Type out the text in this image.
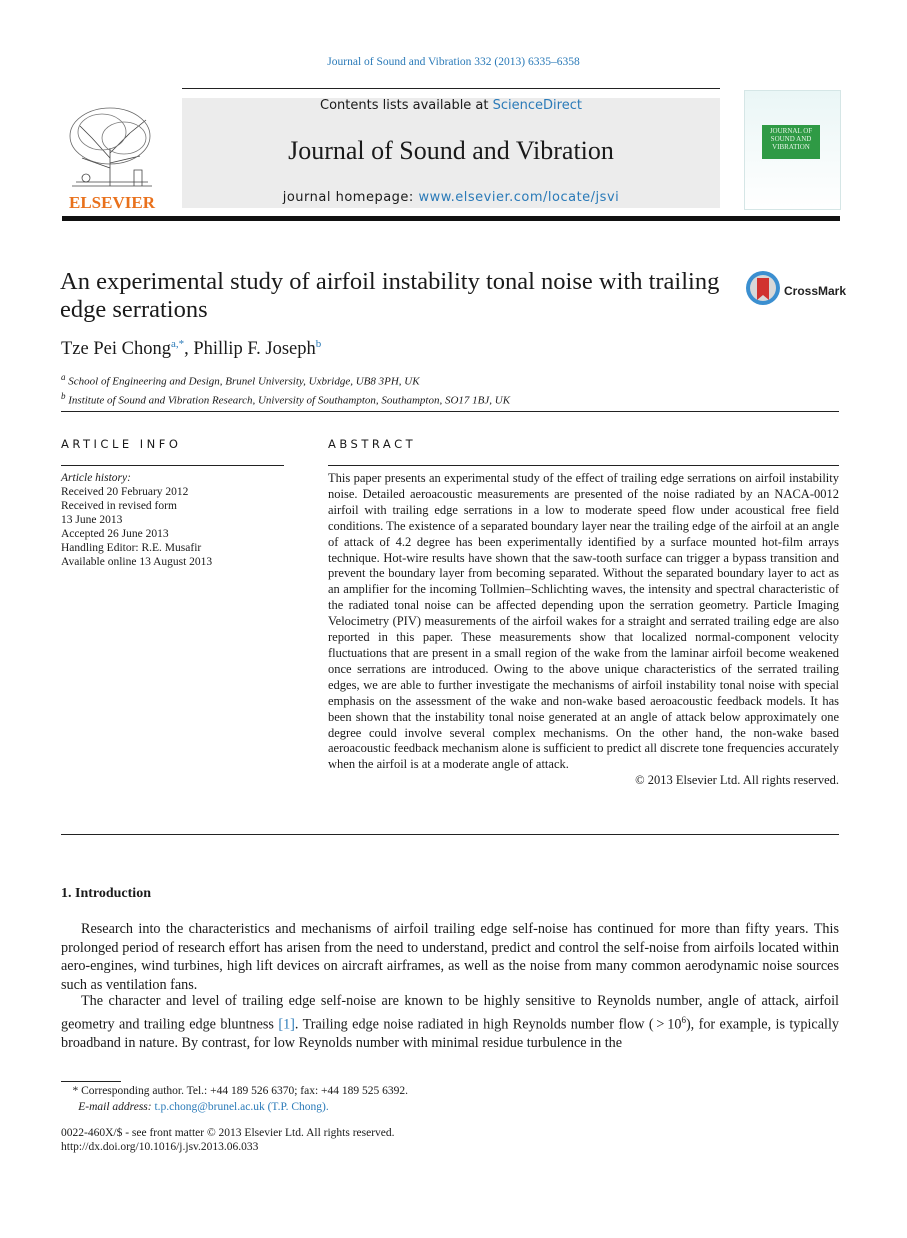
Journal of Sound and Vibration 332 (2013) 6335–6358
ELSEVIER
Contents lists available at ScienceDirect
Journal of Sound and Vibration
journal homepage: www.elsevier.com/locate/jsvi
JOURNAL OF SOUND AND VIBRATION
An experimental study of airfoil instability tonal noise with trailing edge serrations
CrossMark
Tze Pei Chong$^{a,*}$, Phillip F. Joseph$^b$
$^a$ School of Engineering and Design, Brunel University, Uxbridge, UB8 3PH, UK
$^b$ Institute of Sound and Vibration Research, University of Southampton, Southampton, SO17 1BJ, UK
ARTICLE INFO	ABSTRACT
Article history:
Received 20 February 2012
Received in revised form
13 June 2013
Accepted 26 June 2013
Handling Editor: R.E. Musafir
Available online 13 August 2013
This paper presents an experimental study of the effect of trailing edge serrations on airfoil instability noise. Detailed aeroacoustic measurements are presented of the noise radiated by an NACA-0012 airfoil with trailing edge serrations in a low to moderate speed flow under acoustical free field conditions. The existence of a separated boundary layer near the trailing edge of the airfoil at an angle of attack of 4.2 degree has been experimentally identified by a surface mounted hot-film arrays technique. Hot-wire results have shown that the saw-tooth surface can trigger a bypass transition and prevent the boundary layer from becoming separated. Without the separated boundary layer to act as an amplifier for the incoming Tollmien–Schlichting waves, the intensity and spectral characteristic of the radiated tonal noise can be affected depending upon the serration geometry. Particle Imaging Velocimetry (PIV) measurements of the airfoil wakes for a straight and serrated trailing edge are also reported in this paper. These measurements show that localized normal-component velocity fluctuations that are present in a small region of the wake from the laminar airfoil become weakened once serrations are introduced. Owing to the above unique characteristics of the serrated trailing edges, we are able to further investigate the mechanisms of airfoil instability tonal noise with special emphasis on the assessment of the wake and non-wake based aeroacoustic feedback models. It has been shown that the instability tonal noise generated at an angle of attack below approximately one degree could involve several complex mechanisms. On the other hand, the non-wake based aeroacoustic feedback mechanism alone is sufficient to predict all discrete tone frequencies accurately when the airfoil is at a moderate angle of attack.
© 2013 Elsevier Ltd. All rights reserved.
1. Introduction
Research into the characteristics and mechanisms of airfoil trailing edge self-noise has continued for more than fifty years. This prolonged period of research effort has arisen from the need to understand, predict and control the self-noise from airfoils located within aero-engines, wind turbines, high lift devices on aircraft airframes, as well as the noise from many common aerodynamic noise sources such as ventilation fans.
The character and level of trailing edge self-noise are known to be highly sensitive to Reynolds number, angle of attack, airfoil geometry and trailing edge bluntness [1]. Trailing edge noise radiated in high Reynolds number flow ( > $10^6$), for example, is typically broadband in nature. By contrast, for low Reynolds number with minimal residue turbulence in the
* Corresponding author. Tel.: +44 189 526 6370; fax: +44 189 525 6392.
E-mail address: t.p.chong@brunel.ac.uk (T.P. Chong).
0022-460X/$ - see front matter © 2013 Elsevier Ltd. All rights reserved.
http://dx.doi.org/10.1016/j.jsv.2013.06.033
